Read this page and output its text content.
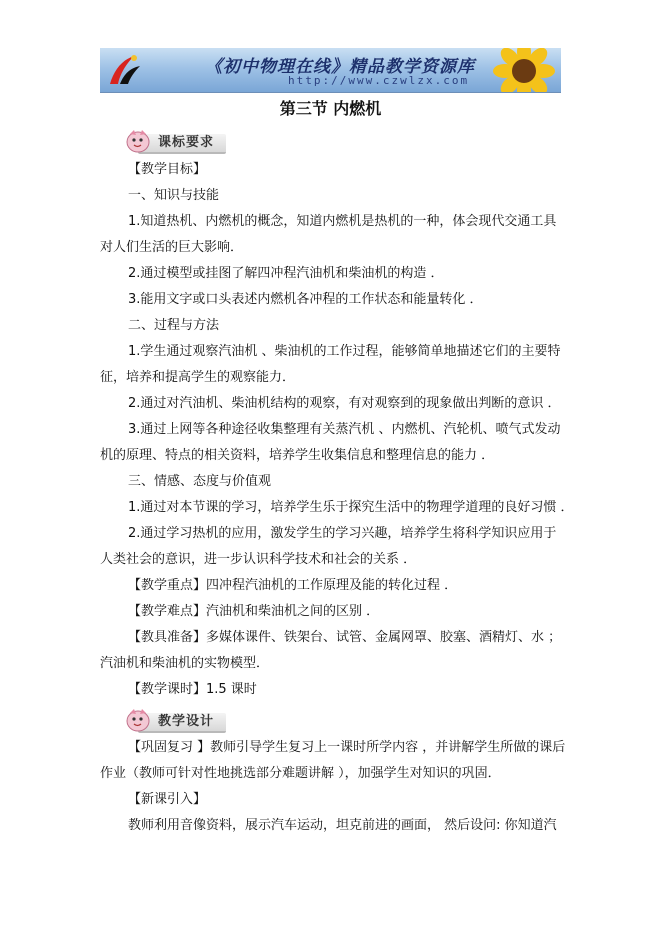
《初中物理在线》精品教学资源库
http://www.czwlzx.com
第三节 内燃机
课标要求
【教学目标】
一、知识与技能
1.知道热机、内燃机的概念，知道内燃机是热机的一种，体会现代交通工具
对人们生活的巨大影响．
2.通过模型或挂图了解四冲程汽油机和柴油机的构造 ．
3.能用文字或口头表述内燃机各冲程的工作状态和能量转化 ．
二、过程与方法
1.学生通过观察汽油机 、柴油机的工作过程，能够简单地描述它们的主要特
征，培养和提高学生的观察能力．
2.通过对汽油机、柴油机结构的观察，有对观察到的现象做出判断的意识 ．
3.通过上网等各种途径收集整理有关蒸汽机 、内燃机、汽轮机、喷气式发动
机的原理、特点的相关资料，培养学生收集信息和整理信息的能力 ．
三、情感、态度与价值观
1.通过对本节课的学习，培养学生乐于探究生活中的物理学道理的良好习惯 ．
2.通过学习热机的应用，激发学生的学习兴趣，培养学生将科学知识应用于
人类社会的意识，进一步认识科学技术和社会的关系 ．
【教学重点】四冲程汽油机的工作原理及能的转化过程 ．
【教学难点】汽油机和柴油机之间的区别 ．
【教具准备】多媒体课件、铁架台、试管、金属网罩、胶塞、酒精灯、水 ；
汽油机和柴油机的实物模型．
【教学课时】1.5 课时
教学设计
【巩固复习 】教师引导学生复习上一课时所学内容 ，并讲解学生所做的课后
作业（教师可针对性地挑选部分难题讲解 ），加强学生对知识的巩固．
【新课引入】
教师利用音像资料，展示汽车运动，坦克前进的画面， 然后设问: 你知道汽
